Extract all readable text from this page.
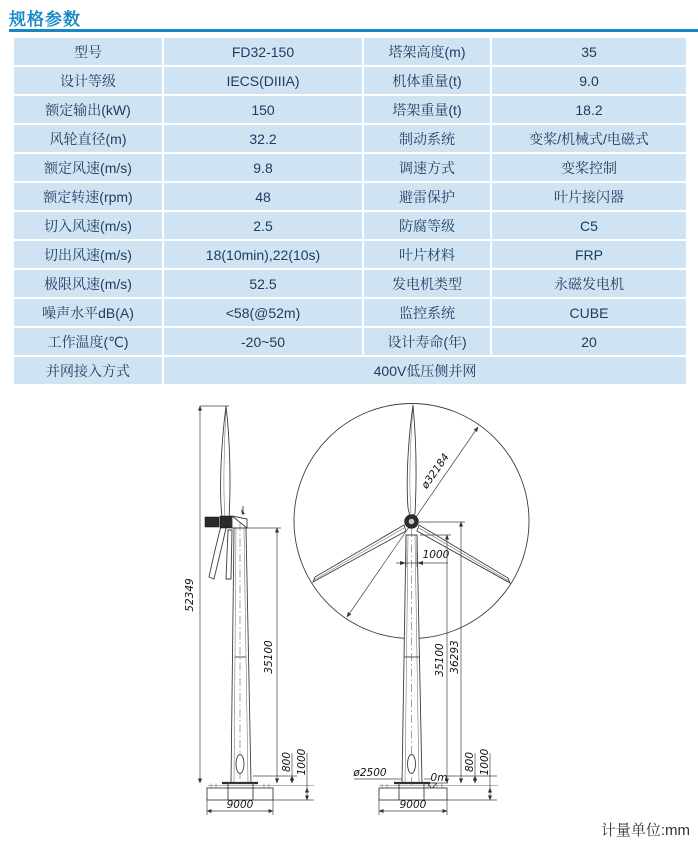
规格参数
型号	FD32-150	塔架高度(m)	35
设计等级	IECS(DIIIA)	机体重量(t)	9.0
额定输出(kW)	150	塔架重量(t)	18.2
风轮直径(m)	32.2	制动系统	变桨/机械式/电磁式
额定风速(m/s)	9.8	调速方式	变桨控制
额定转速(rpm)	48	避雷保护	叶片接闪器
切入风速(m/s)	2.5	防腐等级	C5
切出风速(m/s)	18(10min),22(10s)	叶片材料	FRP
极限风速(m/s)	52.5	发电机类型	永磁发电机
噪声水平dB(A)	<58(@52m)	监控系统	CUBE
工作温度(℃)	-20~50	设计寿命(年)	20
并网接入方式	400V低压侧并网		
52349
35100
800 1000
9000
ø32184
1000
35100 36293
ø2500	0m
800 1000
9000
计量单位:mm
